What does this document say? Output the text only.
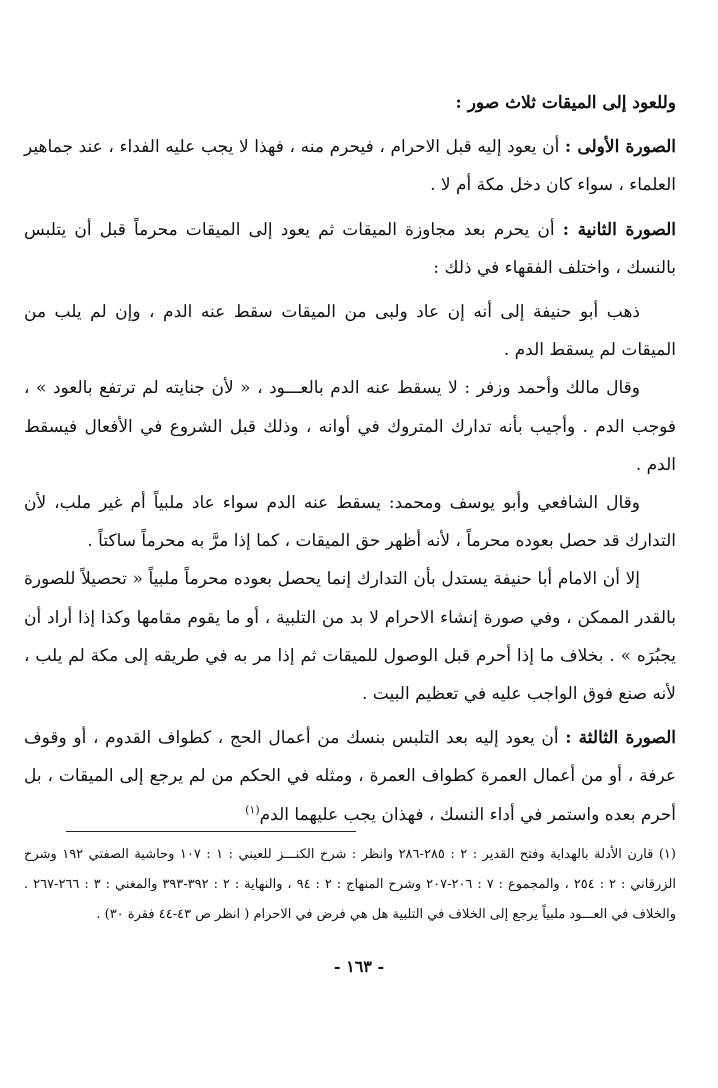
وللعود إلى الميقات ثلاث صور :

الصورة الأولى : أن يعود إليه قبل الاحرام ، فيحرم منه ، فهذا لا يجب عليه الفداء ، عند جماهير العلماء ، سواء كان دخل مكة أم لا .

الصورة الثانية : أن يحرم بعد مجاوزة الميقات ثم يعود إلى الميقات محرماً قبل أن يتلبس بالنسك ، واختلف الفقهاء في ذلك :

ذهب أبو حنيفة إلى أنه إن عاد ولبى من الميقات سقط عنه الدم ، وإن لم يلب من الميقات لم يسقط الدم .

وقال مالك وأحمد وزفر : لا يسقط عنه الدم بالعـــود ، « لأن جنايته لم ترتفع بالعود » ، فوجب الدم . وأجيب بأنه تدارك المتروك في أوانه ، وذلك قبل الشروع في الأفعال فيسقط الدم .

وقال الشافعي وأبو يوسف ومحمد: يسقط عنه الدم سواء عاد ملبياً أم غير ملب، لأن التدارك قد حصل بعوده محرماً ، لأنه أظهر حق الميقات ، كما إذا مرَّ به محرماً ساكتاً .

إلا أن الامام أبا حنيفة يستدل بأن التدارك إنما يحصل بعوده محرماً ملبياً « تحصيلاً للصورة بالقدر الممكن ، وفي صورة إنشاء الاحرام لا بد من التلبية ، أو ما يقوم مقامها وكذا إذا أراد أن يجبُرَه » . بخلاف ما إذا أحرم قبل الوصول للميقات ثم إذا مر به في طريقه إلى مكة لم يلب ، لأنه صنع فوق الواجب عليه في تعظيم البيت .

الصورة الثالثة : أن يعود إليه بعد التلبس بنسك من أعمال الحج ، كطواف القدوم ، أو وقوف عرفة ، أو من أعمال العمرة كطواف العمرة ، ومثله في الحكم من لم يرجع إلى الميقات ، بل أحرم بعده واستمر في أداء النسك ، فهذان يجب عليهما الدم$^{(١)}$

(١) قارن الأدلة بالهداية وفتح القدير : ٢ : ٢٨٥-٢٨٦ وانظر : شرح الكنـــز للعيني : ١ : ١٠٧ وحاشية الصفتي ١٩٢ وشرح الزرقاني : ٢ : ٢٥٤ ، والمجموع : ٧ : ٢٠٦-٢٠٧ وشرح المنهاج : ٢ : ٩٤ ، والنهاية : ٢ : ٣٩٢-٣٩٣ والمغني : ٣ : ٢٦٦-٢٦٧ . والخلاف في العـــود ملبياً يرجع إلى الخلاف في التلبية هل هي فرض في الاحرام ( انظر ص ٤٣-٤٤ فقرة ٣٠) .

- ١٦٣ -
